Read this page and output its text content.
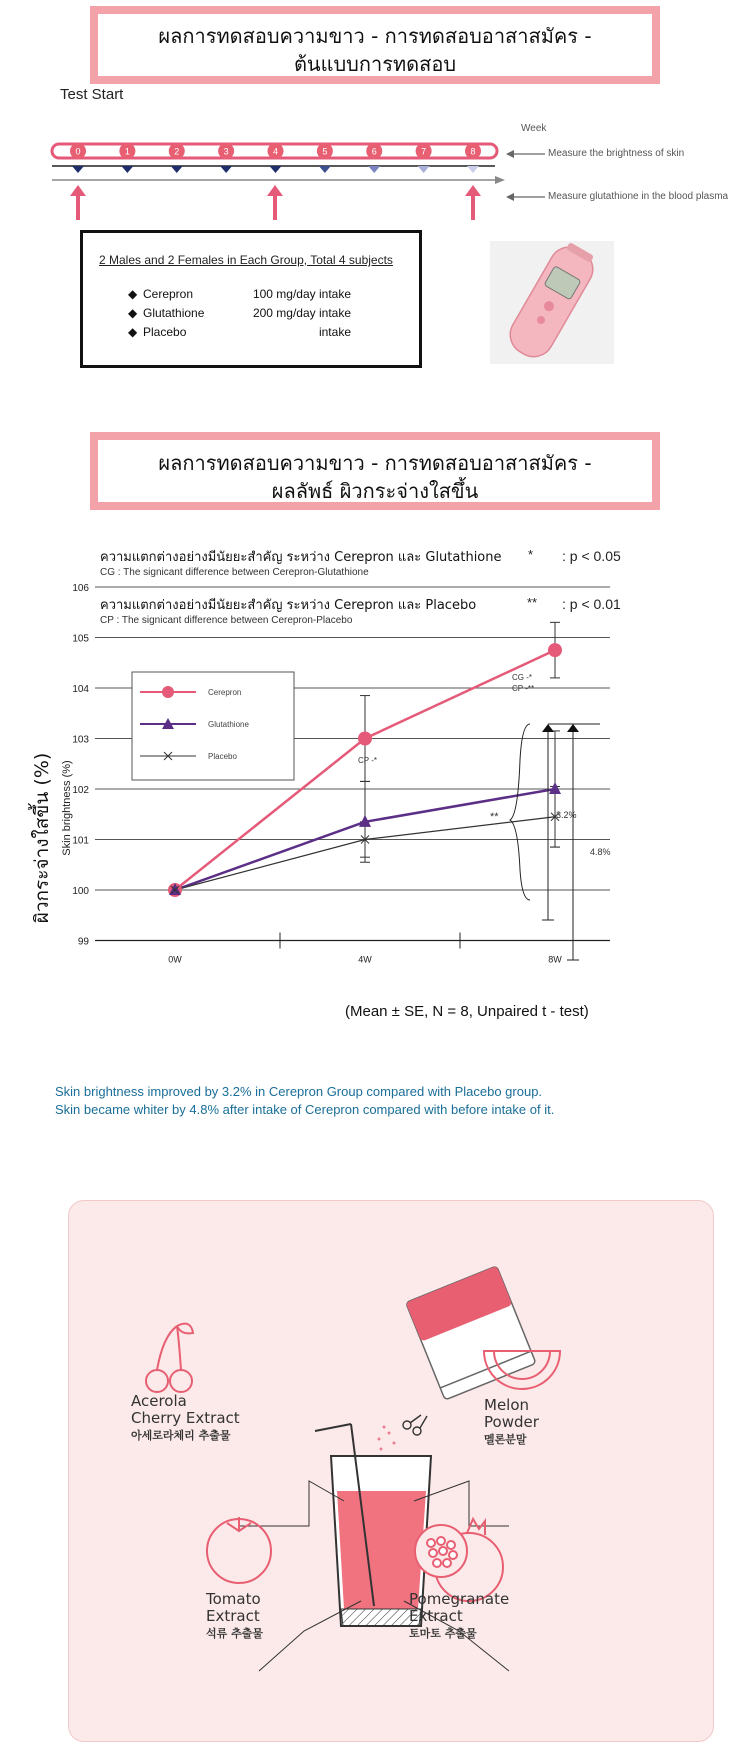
ผลการทดสอบความขาว - การทดสอบอาสาสมัคร -
ต้นแบบการทดสอบ
Test Start
Week
Measure the brightness of skin
Measure glutathione in the blood plasma
0	1	2	3	4	5	6	7	8
2 Males and 2 Females in Each Group, Total 4 subjects
◆ Cerepron	100 mg/day intake
◆ Glutathione	200 mg/day intake
◆ Placebo	intake
ผลการทดสอบความขาว - การทดสอบอาสาสมัคร -
ผลลัพธ์ ผิวกระจ่างใสขึ้น
ความแตกต่างอย่างมีนัยยะสำคัญ ระหว่าง Cerepron และ Glutathione
CG : The signicant difference between Cerepron-Glutathione
* : p < 0.05
ความแตกต่างอย่างมีนัยยะสำคัญ ระหว่าง Cerepron และ Placebo
CP : The signicant difference between Cerepron-Placebo
** : p < 0.01
99
100
101
102
103
104
105
106
0W	4W	8W
Cerepron
Glutathione
Placebo
ผิวกระจ่างใสขึ้น (%) Skin brightness (%)	CP -*
CG -*
CP -**
**	3.2%
4.8%
(Mean ± SE, N = 8, Unpaired t - test)
Skin brightness improved by 3.2% in Cerepron Group compared with Placebo group.
Skin became whiter by 4.8% after intake of Cerepron compared with before intake of it.
Acerola
Cherry Extract
아세로라체리 추출물
Melon
Powder
멜론분말
Tomato
Extract
석류 추출물
Pomegranate
Extract
토마토 추출물
